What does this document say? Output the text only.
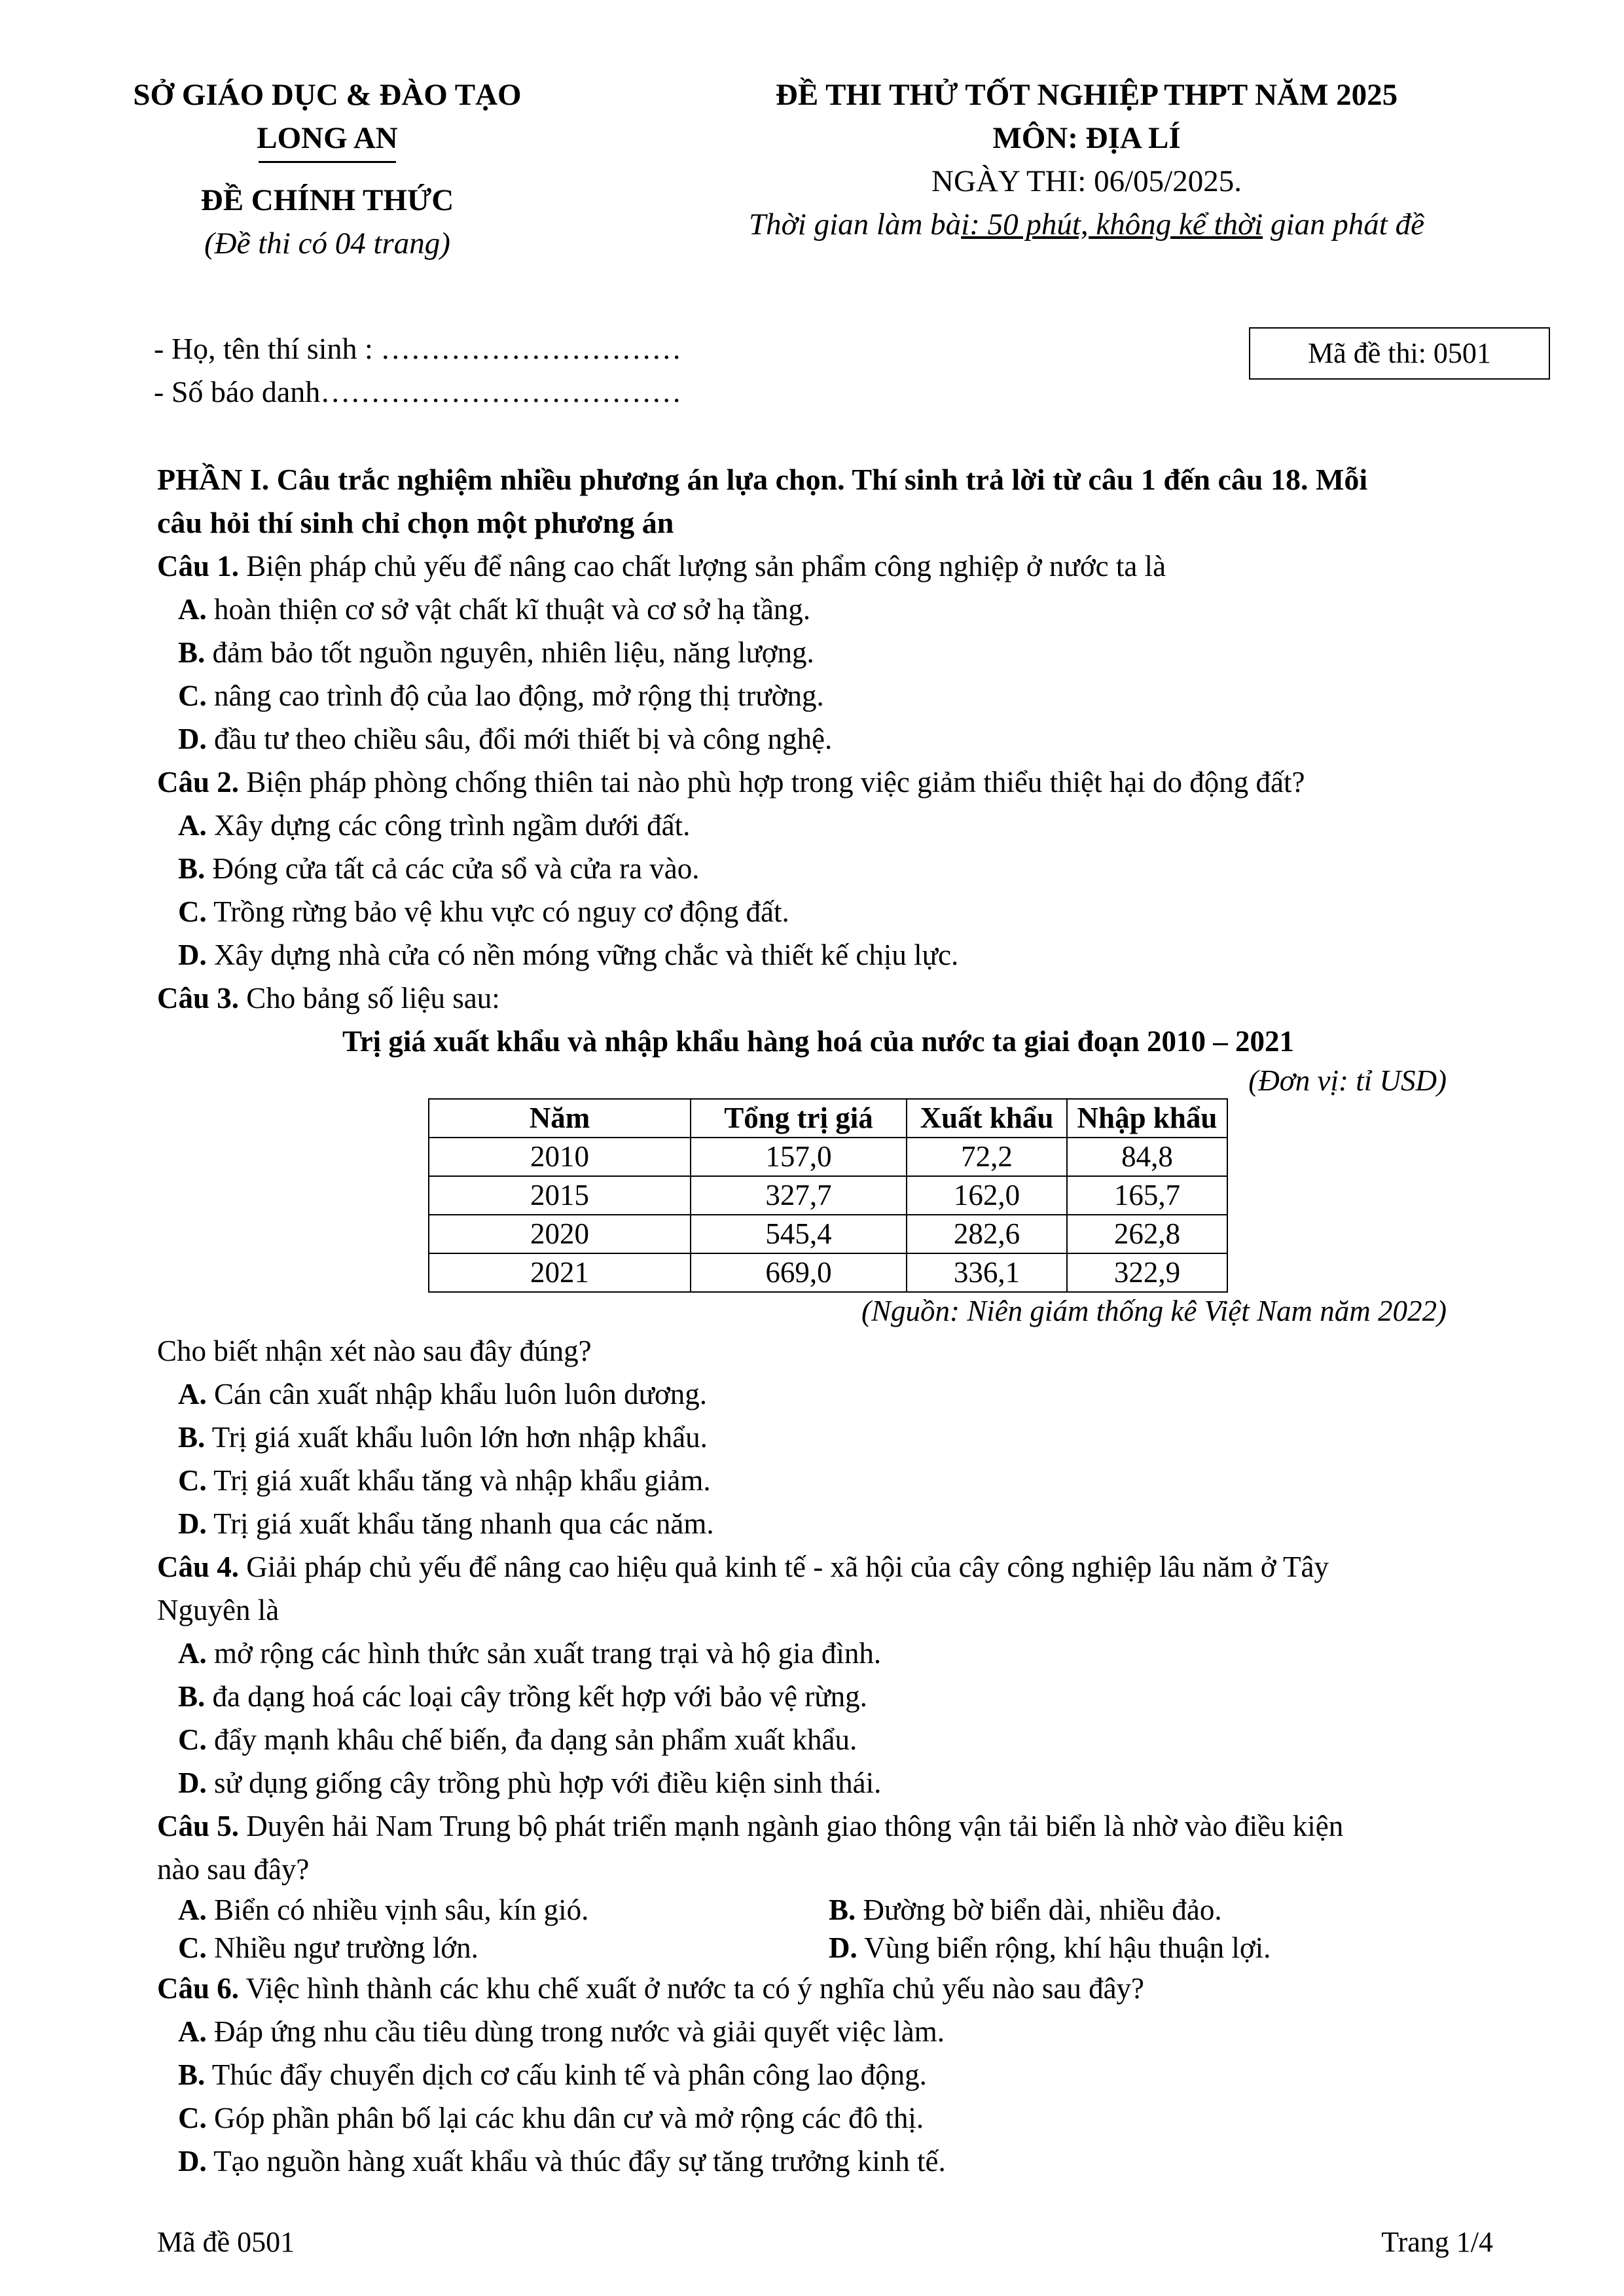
SỞ GIÁO DỤC & ĐÀO TẠO
LONG AN
ĐỀ CHÍNH THỨC
(Đề thi có 04 trang)
ĐỀ THI THỬ TỐT NGHIỆP THPT NĂM 2025
MÔN: ĐỊA LÍ
NGÀY THI: 06/05/2025.
Thời gian làm bài: 50 phút, không kể thời gian phát đề
- Họ, tên thí sinh : …………………………
- Số báo danh………………………………
Mã đề thi: 0501
PHẦN I. Câu trắc nghiệm nhiều phương án lựa chọn. Thí sinh trả lời từ câu 1 đến câu 18. Mỗi
câu hỏi thí sinh chỉ chọn một phương án
Câu 1. Biện pháp chủ yếu để nâng cao chất lượng sản phẩm công nghiệp ở nước ta là
A. hoàn thiện cơ sở vật chất kĩ thuật và cơ sở hạ tầng.
B. đảm bảo tốt nguồn nguyên, nhiên liệu, năng lượng.
C. nâng cao trình độ của lao động, mở rộng thị trường.
D. đầu tư theo chiều sâu, đổi mới thiết bị và công nghệ.
Câu 2. Biện pháp phòng chống thiên tai nào phù hợp trong việc giảm thiểu thiệt hại do động đất?
A. Xây dựng các công trình ngầm dưới đất.
B. Đóng cửa tất cả các cửa sổ và cửa ra vào.
C. Trồng rừng bảo vệ khu vực có nguy cơ động đất.
D. Xây dựng nhà cửa có nền móng vững chắc và thiết kế chịu lực.
Câu 3. Cho bảng số liệu sau:
Trị giá xuất khẩu và nhập khẩu hàng hoá của nước ta giai đoạn 2010 – 2021
(Đơn vị: tỉ USD)
Năm	Tổng trị giá	Xuất khẩu	Nhập khẩu
2010	157,0	72,2	84,8
2015	327,7	162,0	165,7
2020	545,4	282,6	262,8
2021	669,0	336,1	322,9
(Nguồn: Niên giám thống kê Việt Nam năm 2022)
Cho biết nhận xét nào sau đây đúng?
A. Cán cân xuất nhập khẩu luôn luôn dương.
B. Trị giá xuất khẩu luôn lớn hơn nhập khẩu.
C. Trị giá xuất khẩu tăng và nhập khẩu giảm.
D. Trị giá xuất khẩu tăng nhanh qua các năm.
Câu 4. Giải pháp chủ yếu để nâng cao hiệu quả kinh tế - xã hội của cây công nghiệp lâu năm ở Tây
Nguyên là
A. mở rộng các hình thức sản xuất trang trại và hộ gia đình.
B. đa dạng hoá các loại cây trồng kết hợp với bảo vệ rừng.
C. đẩy mạnh khâu chế biến, đa dạng sản phẩm xuất khẩu.
D. sử dụng giống cây trồng phù hợp với điều kiện sinh thái.
Câu 5. Duyên hải Nam Trung bộ phát triển mạnh ngành giao thông vận tải biển là nhờ vào điều kiện
nào sau đây?
A. Biển có nhiều vịnh sâu, kín gió.	B. Đường bờ biển dài, nhiều đảo.
C. Nhiều ngư trường lớn.	D. Vùng biển rộng, khí hậu thuận lợi.
Câu 6. Việc hình thành các khu chế xuất ở nước ta có ý nghĩa chủ yếu nào sau đây?
A. Đáp ứng nhu cầu tiêu dùng trong nước và giải quyết việc làm.
B. Thúc đẩy chuyển dịch cơ cấu kinh tế và phân công lao động.
C. Góp phần phân bố lại các khu dân cư và mở rộng các đô thị.
D. Tạo nguồn hàng xuất khẩu và thúc đẩy sự tăng trưởng kinh tế.
Mã đề 0501	Trang 1/4
